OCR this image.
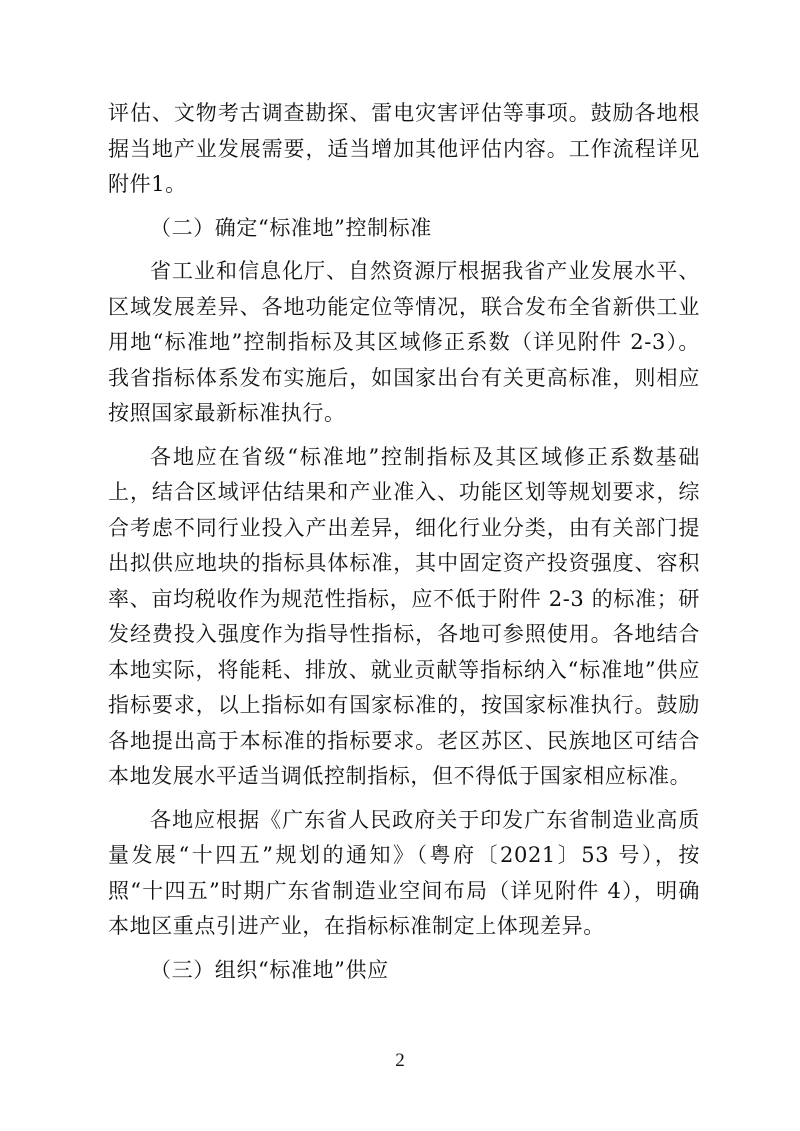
评估、文物考古调查勘探、雷电灾害评估等事项。鼓励各地根据当地产业发展需要，适当增加其他评估内容。工作流程详见附件1。

（二）确定“标准地”控制标准

省工业和信息化厅、自然资源厅根据我省产业发展水平、区域发展差异、各地功能定位等情况，联合发布全省新供工业用地“标准地”控制指标及其区域修正系数（详见附件 2-3）。我省指标体系发布实施后，如国家出台有关更高标准，则相应按照国家最新标准执行。

各地应在省级“标准地”控制指标及其区域修正系数基础上，结合区域评估结果和产业准入、功能区划等规划要求，综合考虑不同行业投入产出差异，细化行业分类，由有关部门提出拟供应地块的指标具体标准，其中固定资产投资强度、容积率、亩均税收作为规范性指标，应不低于附件 2-3 的标准；研发经费投入强度作为指导性指标，各地可参照使用。各地结合本地实际，将能耗、排放、就业贡献等指标纳入“标准地”供应指标要求，以上指标如有国家标准的，按国家标准执行。鼓励各地提出高于本标准的指标要求。老区苏区、民族地区可结合本地发展水平适当调低控制指标，但不得低于国家相应标准。

各地应根据《广东省人民政府关于印发广东省制造业高质量发展“十四五”规划的通知》（粤府〔2021〕53 号），按照“十四五”时期广东省制造业空间布局（详见附件 4），明确本地区重点引进产业，在指标标准制定上体现差异。

（三）组织“标准地”供应

2
